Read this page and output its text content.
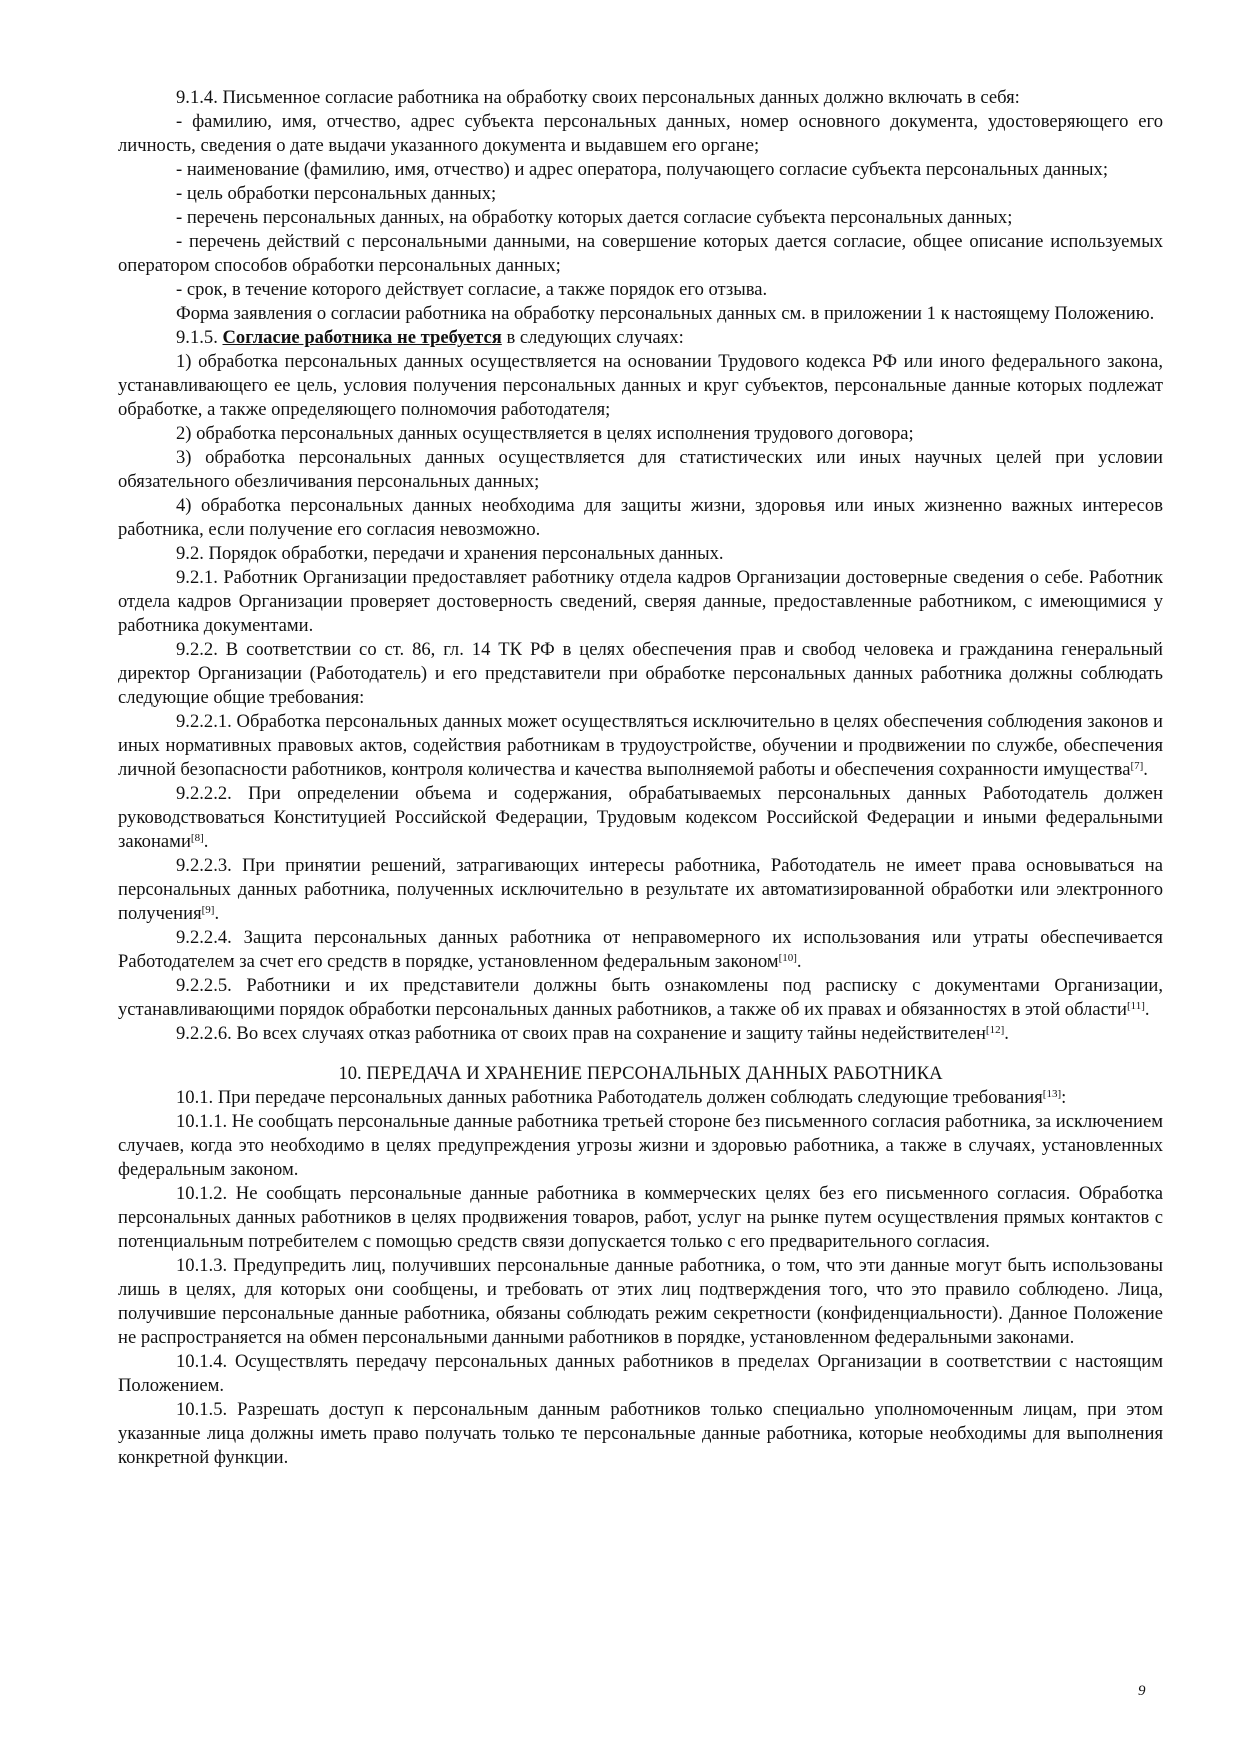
9.1.4. Письменное согласие работника на обработку своих персональных данных должно включать в себя:

- фамилию, имя, отчество, адрес субъекта персональных данных, номер основного документа, удостоверяющего его личность, сведения о дате выдачи указанного документа и выдавшем его органе;

- наименование (фамилию, имя, отчество) и адрес оператора, получающего согласие субъекта персональных данных;

- цель обработки персональных данных;

- перечень персональных данных, на обработку которых дается согласие субъекта персональных данных;

- перечень действий с персональными данными, на совершение которых дается согласие, общее описание используемых оператором способов обработки персональных данных;

- срок, в течение которого действует согласие, а также порядок его отзыва.

Форма заявления о согласии работника на обработку персональных данных см. в приложении 1 к настоящему Положению.

9.1.5. Согласие работника не требуется в следующих случаях:

1) обработка персональных данных осуществляется на основании Трудового кодекса РФ или иного федерального закона, устанавливающего ее цель, условия получения персональных данных и круг субъектов, персональные данные которых подлежат обработке, а также определяющего полномочия работодателя;

2) обработка персональных данных осуществляется в целях исполнения трудового договора;

3) обработка персональных данных осуществляется для статистических или иных научных целей при условии обязательного обезличивания персональных данных;

4) обработка персональных данных необходима для защиты жизни, здоровья или иных жизненно важных интересов работника, если получение его согласия невозможно.

9.2. Порядок обработки, передачи и хранения персональных данных.

9.2.1. Работник Организации предоставляет работнику отдела кадров Организации достоверные сведения о себе. Работник отдела кадров Организации проверяет достоверность сведений, сверяя данные, предоставленные работником, с имеющимися у работника документами.

9.2.2. В соответствии со ст. 86, гл. 14 ТК РФ в целях обеспечения прав и свобод человека и гражданина генеральный директор Организации (Работодатель) и его представители при обработке персональных данных работника должны соблюдать следующие общие требования:

9.2.2.1. Обработка персональных данных может осуществляться исключительно в целях обеспечения соблюдения законов и иных нормативных правовых актов, содействия работникам в трудоустройстве, обучении и продвижении по службе, обеспечения личной безопасности работников, контроля количества и качества выполняемой работы и обеспечения сохранности имущества[7].

9.2.2.2. При определении объема и содержания, обрабатываемых персональных данных Работодатель должен руководствоваться Конституцией Российской Федерации, Трудовым кодексом Российской Федерации и иными федеральными законами[8].

9.2.2.3. При принятии решений, затрагивающих интересы работника, Работодатель не имеет права основываться на персональных данных работника, полученных исключительно в результате их автоматизированной обработки или электронного получения[9].

9.2.2.4. Защита персональных данных работника от неправомерного их использования или утраты обеспечивается Работодателем за счет его средств в порядке, установленном федеральным законом[10].

9.2.2.5. Работники и их представители должны быть ознакомлены под расписку с документами Организации, устанавливающими порядок обработки персональных данных работников, а также об их правах и обязанностях в этой области[11].

9.2.2.6. Во всех случаях отказ работника от своих прав на сохранение и защиту тайны недействителен[12].

10. ПЕРЕДАЧА И ХРАНЕНИЕ ПЕРСОНАЛЬНЫХ ДАННЫХ РАБОТНИКА

10.1. При передаче персональных данных работника Работодатель должен соблюдать следующие требования[13]:

10.1.1. Не сообщать персональные данные работника третьей стороне без письменного согласия работника, за исключением случаев, когда это необходимо в целях предупреждения угрозы жизни и здоровью работника, а также в случаях, установленных федеральным законом.

10.1.2. Не сообщать персональные данные работника в коммерческих целях без его письменного согласия. Обработка персональных данных работников в целях продвижения товаров, работ, услуг на рынке путем осуществления прямых контактов с потенциальным потребителем с помощью средств связи допускается только с его предварительного согласия.

10.1.3. Предупредить лиц, получивших персональные данные работника, о том, что эти данные могут быть использованы лишь в целях, для которых они сообщены, и требовать от этих лиц подтверждения того, что это правило соблюдено. Лица, получившие персональные данные работника, обязаны соблюдать режим секретности (конфиденциальности). Данное Положение не распространяется на обмен персональными данными работников в порядке, установленном федеральными законами.

10.1.4. Осуществлять передачу персональных данных работников в пределах Организации в соответствии с настоящим Положением.

10.1.5. Разрешать доступ к персональным данным работников только специально уполномоченным лицам, при этом указанные лица должны иметь право получать только те персональные данные работника, которые необходимы для выполнения конкретной функции.

9
